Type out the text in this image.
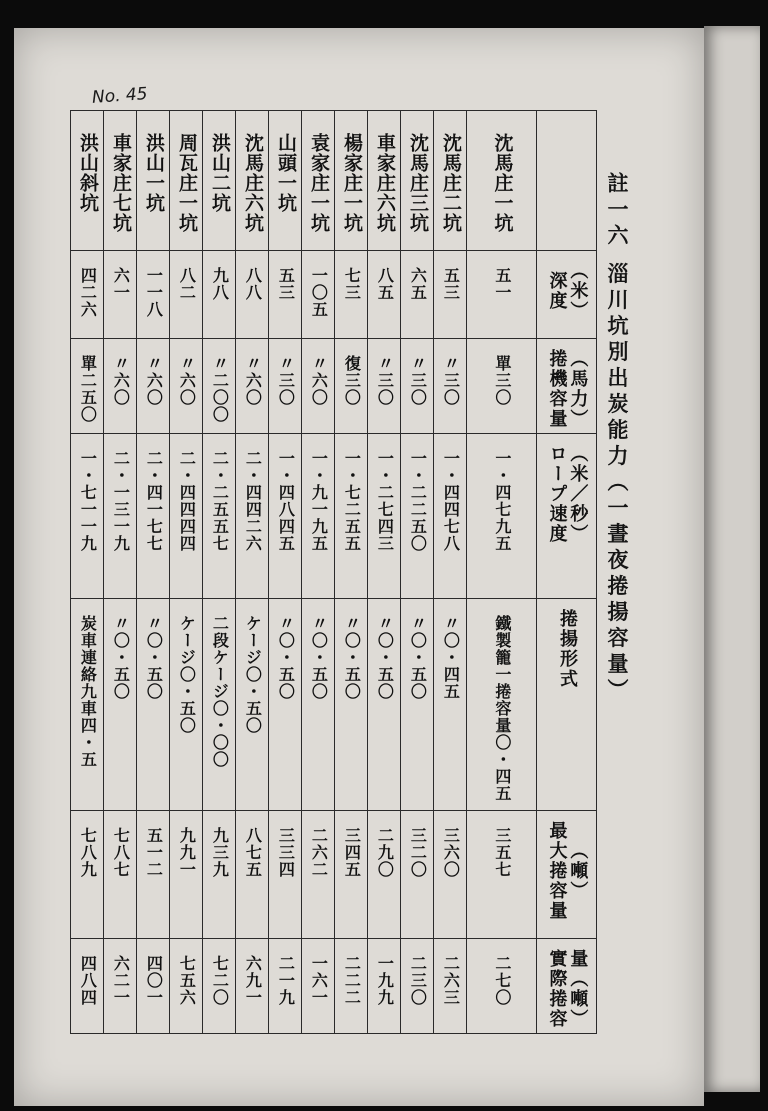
No. 45
註一六 淄川坑別出炭能力（一晝夜捲揚容量）
洪山斜坑	車家庄七坑	洪山一坑	周瓦庄一坑	洪山二坑	沈馬庄六坑	山頭一坑	袁家庄一坑	楊家庄一坑	車家庄六坑	沈馬庄三坑	沈馬庄二坑	沈馬庄一坑	
四二六	六一	一一八	八二	九八	八八	五三	一〇五	七三	八五	六五	五三	五一	深度 （米）

單二五〇	〃六〇	〃六〇	〃六〇	〃二〇〇	〃六〇	〃三〇	〃六〇	復三〇	〃三〇	〃三〇	〃三〇	單三〇	捲機容量 （馬力）

一・七一一九	二・一三一九	二・四一七七	二・四四四四	二・二五五七	二・四四二六	一・四八四五	一・九一九五	一・七二五五	一・二七四三	一・二二五〇	一・四四七八	一・四七九五	ロープ速度 （米／秒）

炭車連絡九車四・五	〃〇・五〇	〃〇・五〇	ケージ〇・五〇	二段ケージ〇・〇〇	ケージ〇・五〇	〃〇・五〇	〃〇・五〇	〃〇・五〇	〃〇・五〇	〃〇・五〇	〃〇・四五	鐵製籠一捲容量〇・四五	捲揚形式
七八九	七八七	五一二	九九一	九三九	八七五	三三四	二六二	三四五	二九〇	三二〇	三六〇	三五七	最大捲容量 （噸）

四八四	六二一	四〇一	七五六	七二〇	六九一	二一九	一六一	二二二	一九九	二三〇	二六三	二七〇	實際捲容 量（噸）
